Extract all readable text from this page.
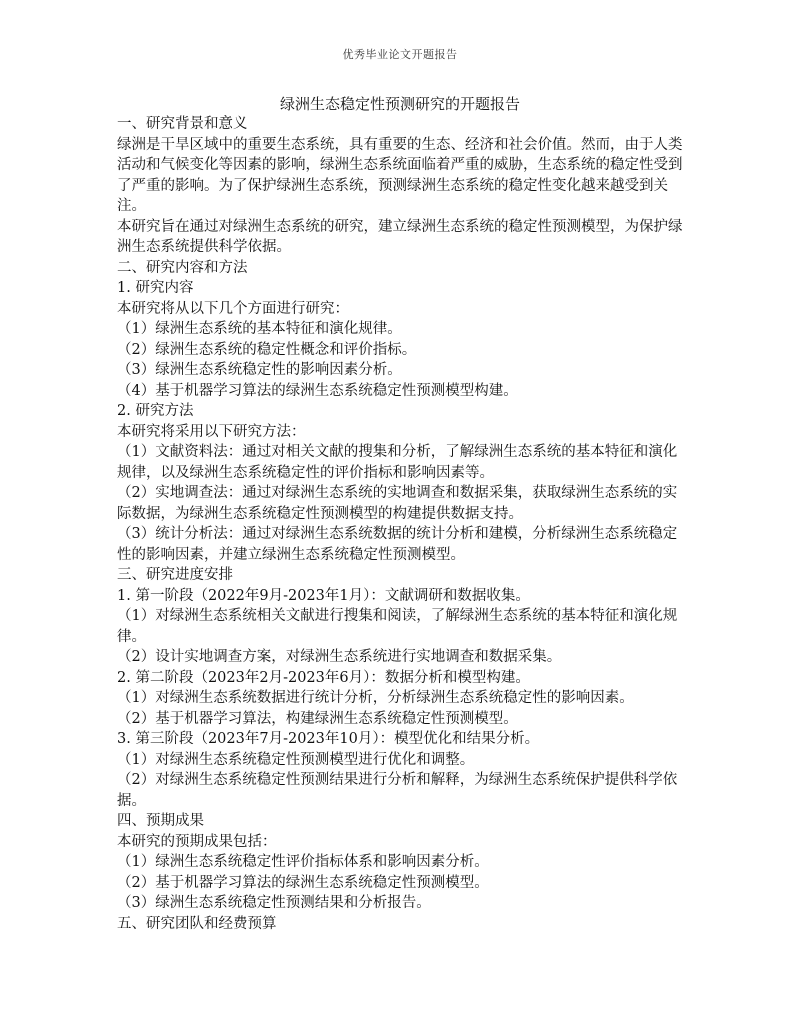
优秀毕业论文开题报告
绿洲生态稳定性预测研究的开题报告

一、研究背景和意义

绿洲是干旱区域中的重要生态系统，具有重要的生态、经济和社会价值。然而，由于人类活动和气候变化等因素的影响，绿洲生态系统面临着严重的威胁，生态系统的稳定性受到了严重的影响。为了保护绿洲生态系统，预测绿洲生态系统的稳定性变化越来越受到关注。

本研究旨在通过对绿洲生态系统的研究，建立绿洲生态系统的稳定性预测模型，为保护绿洲生态系统提供科学依据。

二、研究内容和方法

1. 研究内容

本研究将从以下几个方面进行研究：

（1）绿洲生态系统的基本特征和演化规律。

（2）绿洲生态系统的稳定性概念和评价指标。

（3）绿洲生态系统稳定性的影响因素分析。

（4）基于机器学习算法的绿洲生态系统稳定性预测模型构建。

2. 研究方法

本研究将采用以下研究方法：

（1）文献资料法：通过对相关文献的搜集和分析，了解绿洲生态系统的基本特征和演化规律，以及绿洲生态系统稳定性的评价指标和影响因素等。

（2）实地调查法：通过对绿洲生态系统的实地调查和数据采集，获取绿洲生态系统的实际数据，为绿洲生态系统稳定性预测模型的构建提供数据支持。

（3）统计分析法：通过对绿洲生态系统数据的统计分析和建模，分析绿洲生态系统稳定性的影响因素，并建立绿洲生态系统稳定性预测模型。

三、研究进度安排

1. 第一阶段（2022年9月-2023年1月）：文献调研和数据收集。

（1）对绿洲生态系统相关文献进行搜集和阅读，了解绿洲生态系统的基本特征和演化规律。

（2）设计实地调查方案，对绿洲生态系统进行实地调查和数据采集。

2. 第二阶段（2023年2月-2023年6月）：数据分析和模型构建。

（1）对绿洲生态系统数据进行统计分析，分析绿洲生态系统稳定性的影响因素。

（2）基于机器学习算法，构建绿洲生态系统稳定性预测模型。

3. 第三阶段（2023年7月-2023年10月）：模型优化和结果分析。

（1）对绿洲生态系统稳定性预测模型进行优化和调整。

（2）对绿洲生态系统稳定性预测结果进行分析和解释，为绿洲生态系统保护提供科学依据。

四、预期成果

本研究的预期成果包括：

（1）绿洲生态系统稳定性评价指标体系和影响因素分析。

（2）基于机器学习算法的绿洲生态系统稳定性预测模型。

（3）绿洲生态系统稳定性预测结果和分析报告。

五、研究团队和经费预算
